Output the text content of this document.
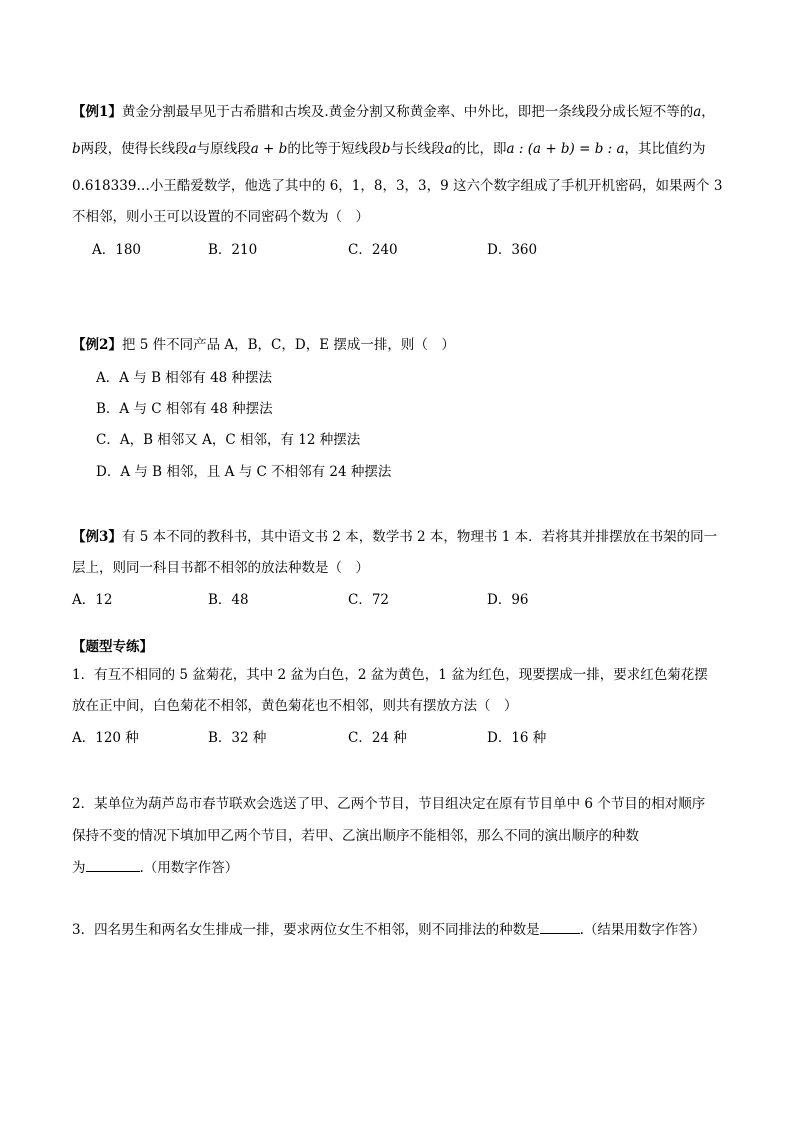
【例1】黄金分割最早见于古希腊和古埃及.黄金分割又称黄金率、中外比，即把一条线段分成长短不等的a，
b两段，使得长线段a与原线段a + b的比等于短线段b与长线段a的比，即a : (a + b) = b : a，其比值约为
0.618339…小王酷爱数学，他选了其中的 6，1，8，3，3，9 这六个数字组成了手机开机密码，如果两个 3
不相邻，则小王可以设置的不同密码个数为（　）
A．180	B．210	C．240	D．360
【例2】把 5 件不同产品 A，B，C，D，E 摆成一排，则（　）
A．A 与 B 相邻有 48 种摆法
B．A 与 C 相邻有 48 种摆法
C．A，B 相邻又 A，C 相邻，有 12 种摆法
D．A 与 B 相邻，且 A 与 C 不相邻有 24 种摆法
【例3】有 5 本不同的教科书，其中语文书 2 本，数学书 2 本，物理书 1 本．若将其并排摆放在书架的同一
层上，则同一科目书都不相邻的放法种数是（　）
A．12	B．48	C．72	D．96
【题型专练】
1．有互不相同的 5 盆菊花，其中 2 盆为白色，2 盆为黄色，1 盆为红色，现要摆成一排，要求红色菊花摆
放在正中间，白色菊花不相邻，黄色菊花也不相邻，则共有摆放方法（　）
A．120 种	B．32 种	C．24 种	D．16 种
2．某单位为葫芦岛市春节联欢会选送了甲、乙两个节目，节目组决定在原有节目单中 6 个节目的相对顺序
保持不变的情况下填加甲乙两个节目，若甲、乙演出顺序不能相邻，那么不同的演出顺序的种数
为	.（用数字作答）
3．四名男生和两名女生排成一排，要求两位女生不相邻，则不同排法的种数是	.（结果用数字作答）
